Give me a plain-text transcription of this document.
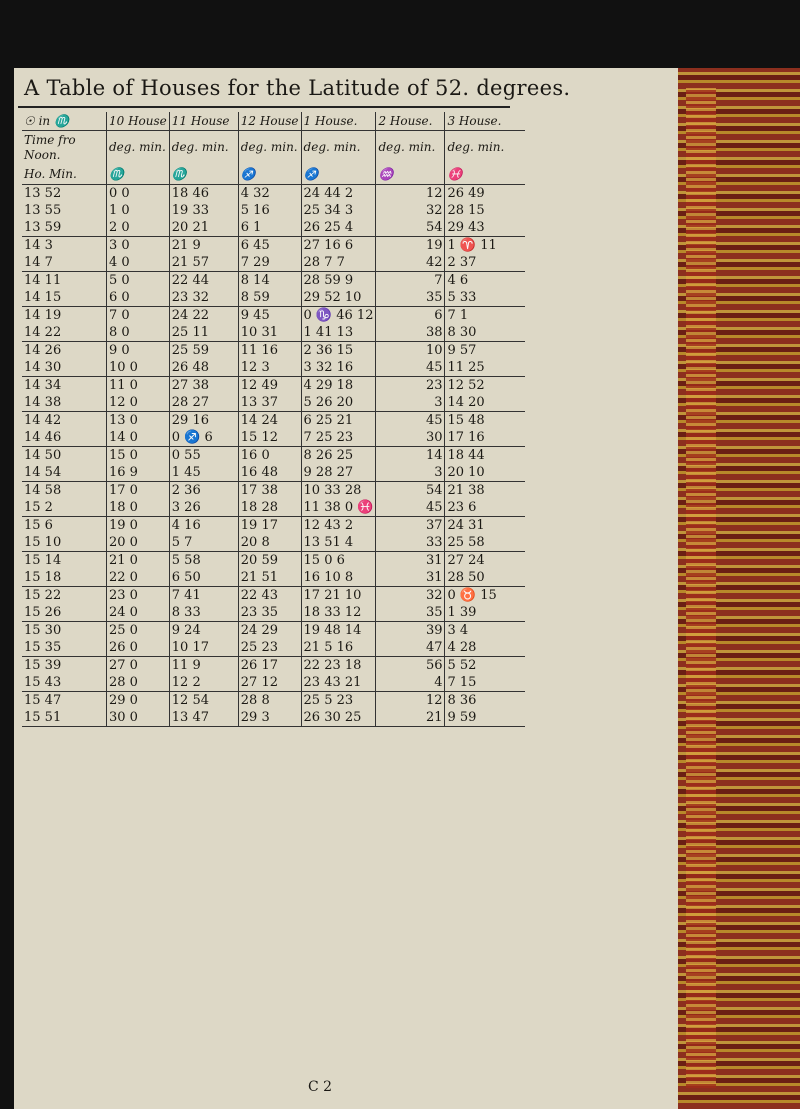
A Table of Houses for the Latitude of 52. degrees.
☉ in ♏	10 House	11 House	12 House	1 House.	2 House.	3 House.
Time fro Noon.	deg. min.	deg. min.	deg. min.	deg. min.	deg. min.	deg. min.
Ho. Min.	♏	♏	♐	♐	♒	♓
13 52	0 0	18 46	4 32	24 44 2	12	26 49
13 55	1 0	19 33	5 16	25 34 3	32	28 15
13 59	2 0	20 21	6 1	26 25 4	54	29 43
14 3	3 0	21 9	6 45	27 16 6	19	1 ♈ 11
14 7	4 0	21 57	7 29	28 7 7	42	2 37
14 11	5 0	22 44	8 14	28 59 9	7	4 6
14 15	6 0	23 32	8 59	29 52 10	35	5 33
14 19	7 0	24 22	9 45	0 ♑ 46 12	6	7 1
14 22	8 0	25 11	10 31	1 41 13	38	8 30
14 26	9 0	25 59	11 16	2 36 15	10	9 57
14 30	10 0	26 48	12 3	3 32 16	45	11 25
14 34	11 0	27 38	12 49	4 29 18	23	12 52
14 38	12 0	28 27	13 37	5 26 20	3	14 20
14 42	13 0	29 16	14 24	6 25 21	45	15 48
14 46	14 0	0 ♐ 6	15 12	7 25 23	30	17 16
14 50	15 0	0 55	16 0	8 26 25	14	18 44
14 54	16 9	1 45	16 48	9 28 27	3	20 10
14 58	17 0	2 36	17 38	10 33 28	54	21 38
15 2	18 0	3 26	18 28	11 38 0 ♓	45	23 6
15 6	19 0	4 16	19 17	12 43 2	37	24 31
15 10	20 0	5 7	20 8	13 51 4	33	25 58
15 14	21 0	5 58	20 59	15 0 6	31	27 24
15 18	22 0	6 50	21 51	16 10 8	31	28 50
15 22	23 0	7 41	22 43	17 21 10	32	0 ♉ 15
15 26	24 0	8 33	23 35	18 33 12	35	1 39
15 30	25 0	9 24	24 29	19 48 14	39	3 4
15 35	26 0	10 17	25 23	21 5 16	47	4 28
15 39	27 0	11 9	26 17	22 23 18	56	5 52
15 43	28 0	12 2	27 12	23 43 21	4	7 15
15 47	29 0	12 54	28 8	25 5 23	12	8 36
15 51	30 0	13 47	29 3	26 30 25	21	9 59
C 2
